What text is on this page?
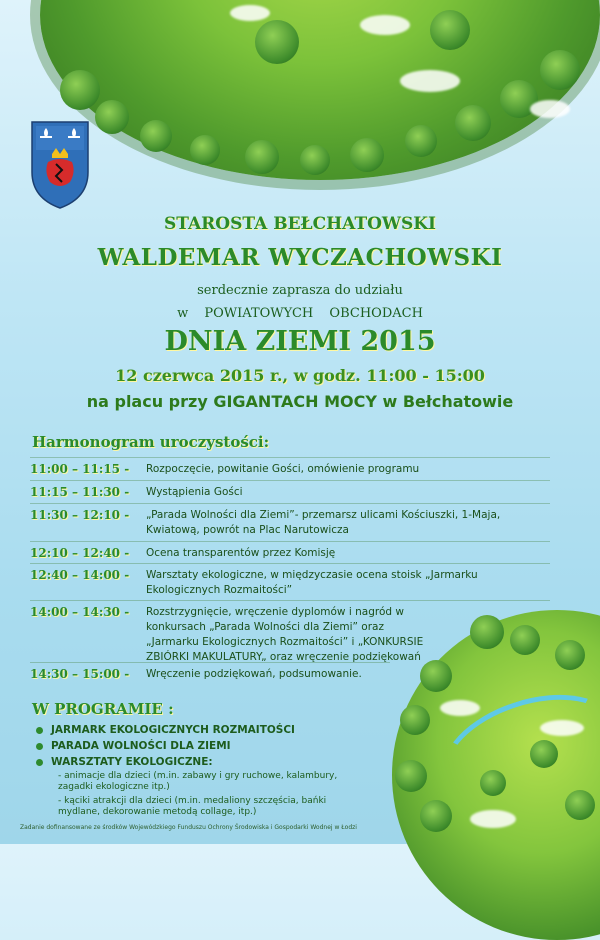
STAROSTA BEŁCHATOWSKI
WALDEMAR WYCZACHOWSKI
serdecznie zaprasza do udziału
w POWIATOWYCH OBCHODACH
DNIA ZIEMI 2015
12 czerwca 2015 r., w godz. 11:00 - 15:00
na placu przy GIGANTACH MOCY w Bełchatowie
Harmonogram uroczystości:
11:00 – 11:15 -	Rozpoczęcie, powitanie Gości, omówienie programu
11:15 – 11:30 -	Wystąpienia Gości
11:30 – 12:10 -	„Parada Wolności dla Ziemi”- przemarsz ulicami Kościuszki, 1-Maja, Kwiatową, powrót na Plac Narutowicza
12:10 – 12:40 -	Ocena transparentów przez Komisję
12:40 – 14:00 -	Warsztaty ekologiczne, w międzyczasie ocena stoisk „Jarmarku Ekologicznych Rozmaitości”
14:00 – 14:30 -	Rozstrzygnięcie, wręczenie dyplomów i nagród w konkursach „Parada Wolności dla Ziemi” oraz „Jarmarku Ekologicznych Rozmaitości” i „KONKURSIE ZBIÓRKI MAKULATURY„ oraz wręczenie podziękowań
14:30 – 15:00 -	Wręczenie podziękowań, podsumowanie.
W PROGRAMIE :
JARMARK EKOLOGICZNYCH ROZMAITOŚCI
PARADA WOLNOŚCI DLA ZIEMI
WARSZTATY EKOLOGICZNE:
- animacje dla dzieci (m.in. zabawy i gry ruchowe, kalambury, zagadki ekologiczne itp.)
- kąciki atrakcji dla dzieci (m.in. medaliony szczęścia, bańki mydlane, dekorowanie metodą collage, itp.)
Zadanie dofinansowane ze środków Wojewódzkiego Funduszu Ochrony Środowiska i Gospodarki Wodnej w Łodzi
